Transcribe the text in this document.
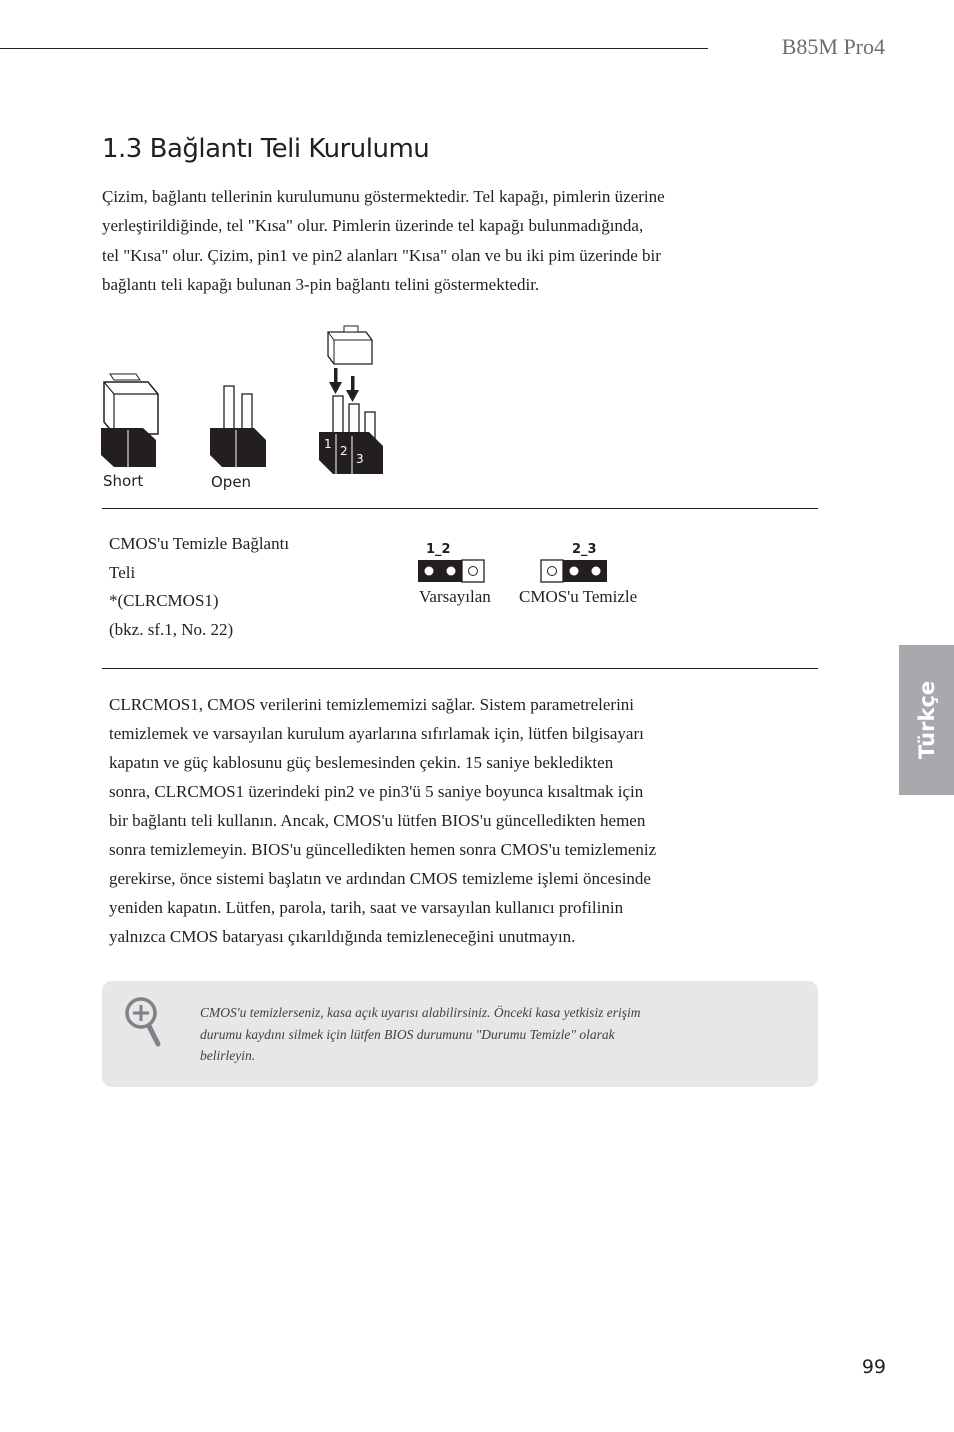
B85M Pro4
1.3 Bağlantı Teli Kurulumu
Çizim, bağlantı tellerinin kurulumunu göstermektedir. Tel kapağı, pimlerin üzerine
yerleştirildiğinde, tel "Kısa" olur. Pimlerin üzerinde tel kapağı bulunmadığında,
tel "Kısa" olur. Çizim, pin1 ve pin2 alanları "Kısa" olan ve bu iki pim üzerinde bir
bağlantı teli kapağı bulunan 3-pin bağlantı telini göstermektedir.
Short	Open
1 2
3
CMOS'u Temizle Bağlantı
Teli
*(CLRCMOS1)
(bkz. sf.1, No. 22)
1_2	2_3
Varsayılan CMOS'u Temizle
CLRCMOS1, CMOS verilerini temizlememizi sağlar. Sistem parametrelerini
temizlemek ve varsayılan kurulum ayarlarına sıfırlamak için, lütfen bilgisayarı
kapatın ve güç kablosunu güç beslemesinden çekin. 15 saniye bekledikten
sonra, CLRCMOS1 üzerindeki pin2 ve pin3'ü 5 saniye boyunca kısaltmak için
bir bağlantı teli kullanın. Ancak, CMOS'u lütfen BIOS'u güncelledikten hemen
sonra temizlemeyin. BIOS'u güncelledikten hemen sonra CMOS'u temizlemeniz
gerekirse, önce sistemi başlatın ve ardından CMOS temizleme işlemi öncesinde
yeniden kapatın. Lütfen, parola, tarih, saat ve varsayılan kullanıcı profilinin
yalnızca CMOS bataryası çıkarıldığında temizleneceğini unutmayın.
CMOS'u temizlerseniz, kasa açık uyarısı alabilirsiniz. Önceki kasa yetkisiz erişim
durumu kaydını silmek için lütfen BIOS durumunu "Durumu Temizle" olarak
belirleyin.
Türkçe
99
